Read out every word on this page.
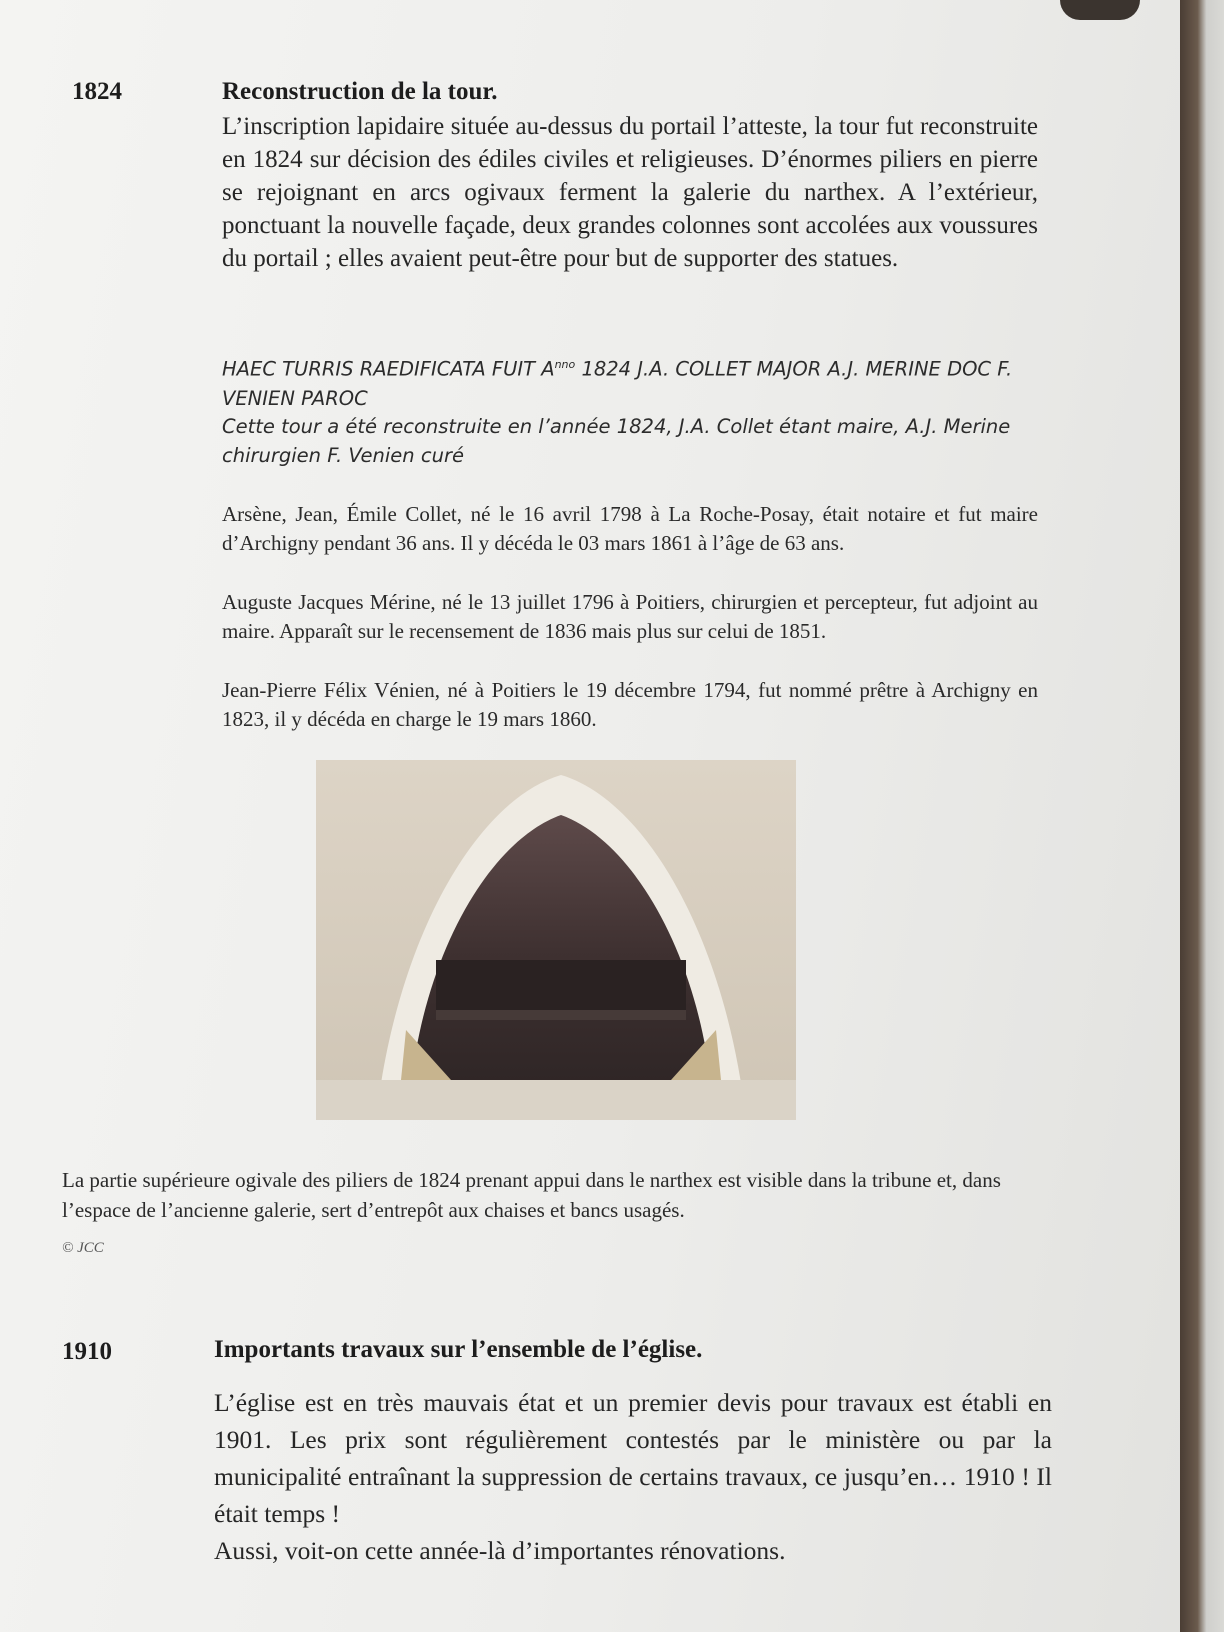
1824	Reconstruction de la tour.

L’inscription lapidaire située au-dessus du portail l’atteste, la tour fut reconstruite en 1824 sur décision des édiles civiles et religieuses. D’énormes piliers en pierre se rejoignant en arcs ogivaux ferment la galerie du narthex. A l’extérieur, ponctuant la nouvelle façade, deux grandes colonnes sont accolées aux voussures du portail ; elles avaient peut-être pour but de supporter des statues.

HAEC TURRIS RAEDIFICATA FUIT $A^{nno}$ 1824 J.A. COLLET MAJOR A.J. MERINE DOC F. VENIEN PAROC

Cette tour a été reconstruite en l’année 1824, J.A. Collet étant maire, A.J. Merine chirurgien F. Venien curé

Arsène, Jean, Émile Collet, né le 16 avril 1798 à La Roche-Posay, était notaire et fut maire d’Archigny pendant 36 ans. Il y décéda le 03 mars 1861 à l’âge de 63 ans.

Auguste Jacques Mérine, né le 13 juillet 1796 à Poitiers, chirurgien et percepteur, fut adjoint au maire. Apparaît sur le recensement de 1836 mais plus sur celui de 1851.

Jean-Pierre Félix Vénien, né à Poitiers le 19 décembre 1794, fut nommé prêtre à Archigny en 1823, il y décéda en charge le 19 mars 1860.

La partie supérieure ogivale des piliers de 1824 prenant appui dans le narthex est visible dans la tribune et, dans l’espace de l’ancienne galerie, sert d’entrepôt aux chaises et bancs usagés.

© JCC
1910	Importants travaux sur l’ensemble de l’église.
L’église est en très mauvais état et un premier devis pour travaux est établi en 1901. Les prix sont régulièrement contestés par le ministère ou par la municipalité entraînant la suppression de certains travaux, ce jusqu’en… 1910 ! Il était temps !
Aussi, voit-on cette année-là d’importantes rénovations.
